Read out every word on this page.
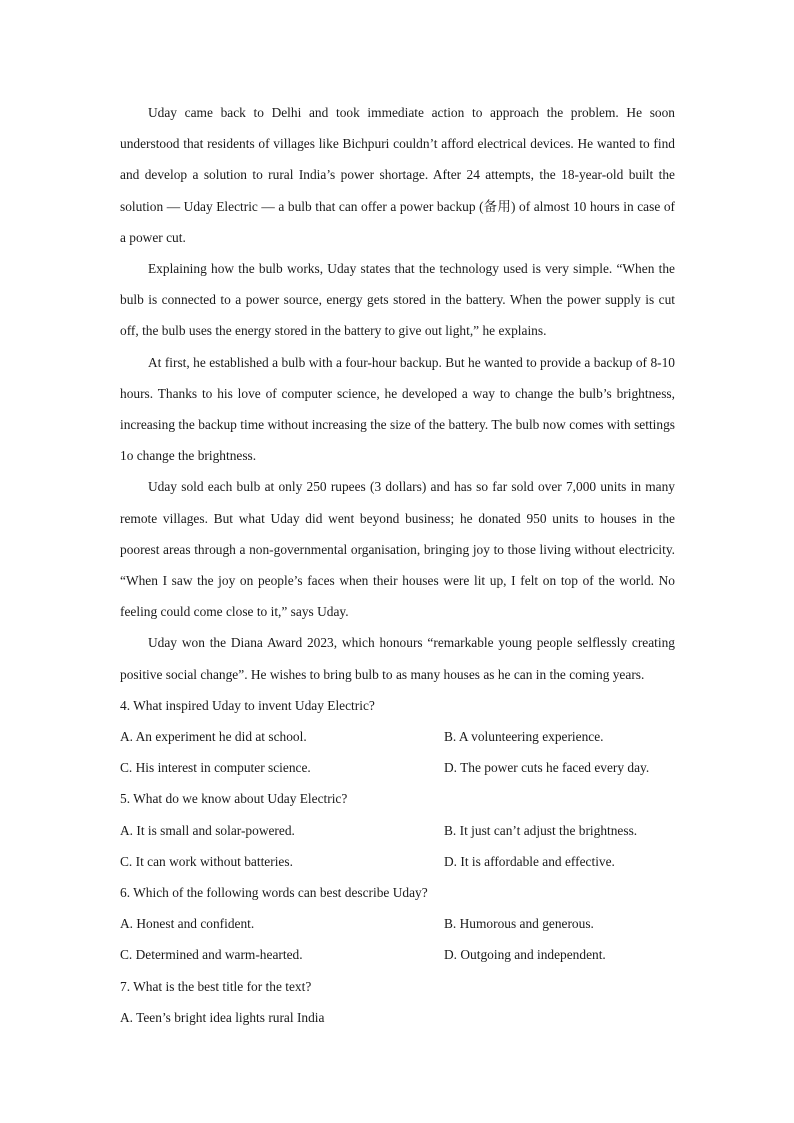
Uday came back to Delhi and took immediate action to approach the problem. He soon understood that residents of villages like Bichpuri couldn’t afford electrical devices. He wanted to find and develop a solution to rural India’s power shortage. After 24 attempts, the 18-year-old built the solution — Uday Electric — a bulb that can offer a power backup (备用) of almost 10 hours in case of a power cut.

Explaining how the bulb works, Uday states that the technology used is very simple. “When the bulb is connected to a power source, energy gets stored in the battery. When the power supply is cut off, the bulb uses the energy stored in the battery to give out light,” he explains.

At first, he established a bulb with a four-hour backup. But he wanted to provide a backup of 8-10 hours. Thanks to his love of computer science, he developed a way to change the bulb’s brightness, increasing the backup time without increasing the size of the battery. The bulb now comes with settings 1o change the brightness.

Uday sold each bulb at only 250 rupees (3 dollars) and has so far sold over 7,000 units in many remote villages. But what Uday did went beyond business; he donated 950 units to houses in the poorest areas through a non-governmental organisation, bringing joy to those living without electricity. “When I saw the joy on people’s faces when their houses were lit up, I felt on top of the world. No feeling could come close to it,” says Uday.

Uday won the Diana Award 2023, which honours “remarkable young people selflessly creating positive social change”. He wishes to bring bulb to as many houses as he can in the coming years.

4. What inspired Uday to invent Uday Electric?

A. An experiment he did at school.	B. A volunteering experience.
C. His interest in computer science.	D. The power cuts he faced every day.

5. What do we know about Uday Electric?

A. It is small and solar-powered.	B. It just can’t adjust the brightness.
C. It can work without batteries.	D. It is affordable and effective.

6. Which of the following words can best describe Uday?

A. Honest and confident.	B. Humorous and generous.
C. Determined and warm-hearted.	D. Outgoing and independent.

7. What is the best title for the text?

A. Teen’s bright idea lights rural India
